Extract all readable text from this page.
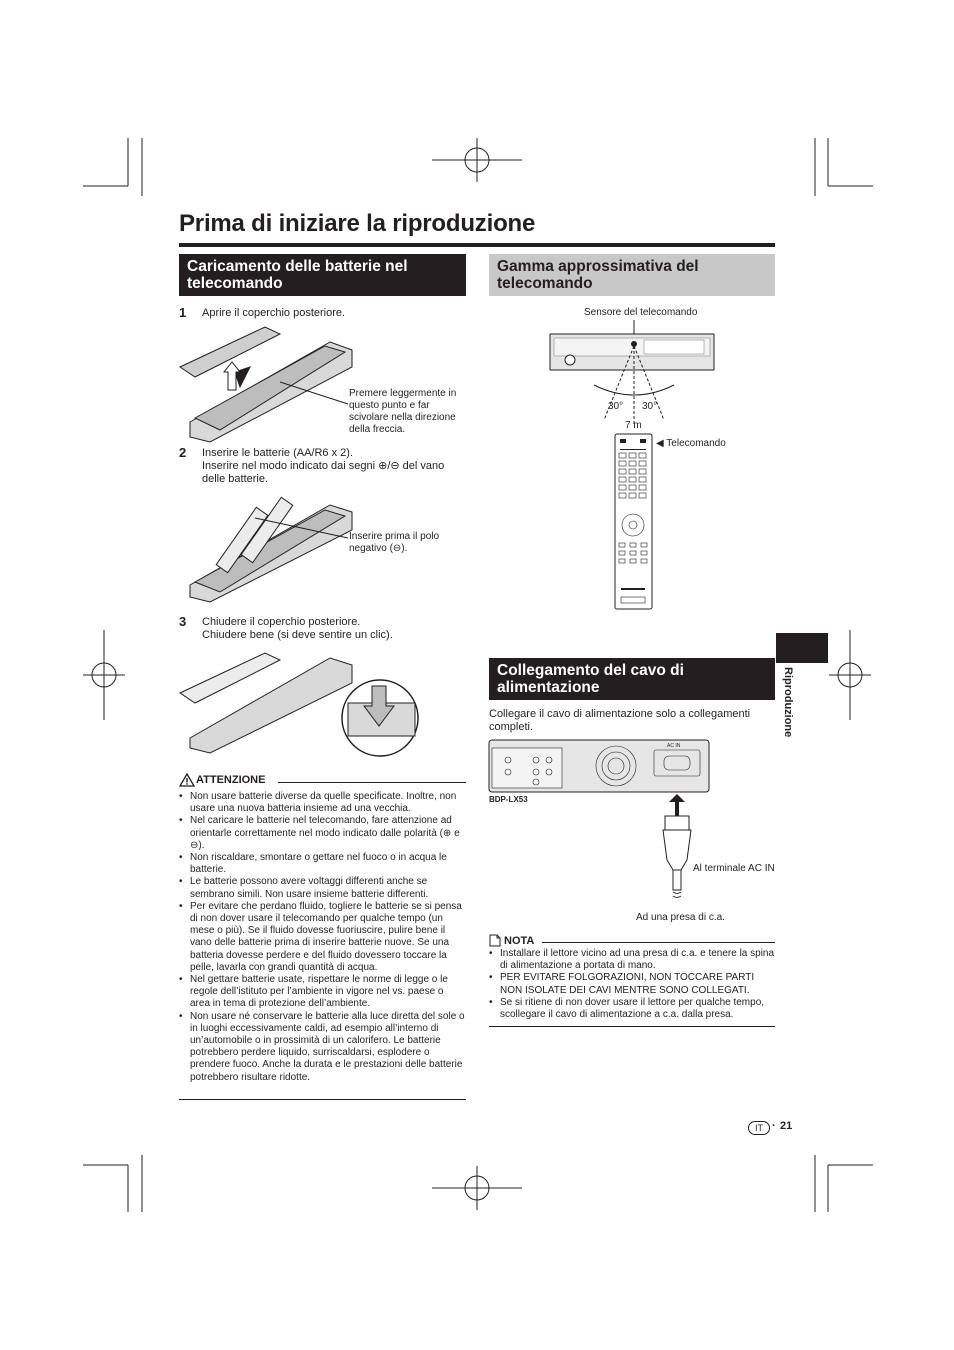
Prima di iniziare la riproduzione
Caricamento delle batterie nel telecomando
1 Aprire il coperchio posteriore.
Premere leggermente in questo punto e far scivolare nella direzione della freccia.
2 Inserire le batterie (AA/R6 x 2).
Inserire nel modo indicato dai segni ⊕/⊖ del vano delle batterie.
Inserire prima il polo negativo (⊖).
3 Chiudere il coperchio posteriore.
Chiudere bene (si deve sentire un clic).
ATTENZIONE
• Non usare batterie diverse da quelle specificate. Inoltre, non usare una nuova batteria insieme ad una vecchia.
• Nel caricare le batterie nel telecomando, fare attenzione ad orientarle correttamente nel modo indicato dalle polarità (⊕ e ⊖).
• Non riscaldare, smontare o gettare nel fuoco o in acqua le batterie.
• Le batterie possono avere voltaggi differenti anche se sembrano simili. Non usare insieme batterie differenti.
• Per evitare che perdano fluido, togliere le batterie se si pensa di non dover usare il telecomando per qualche tempo (un mese o più). Se il fluido dovesse fuoriuscire, pulire bene il vano delle batterie prima di inserire batterie nuove. Se una batteria dovesse perdere e del fluido dovessero toccare la pelle, lavarla con grandi quantità di acqua.
• Nel gettare batterie usate, rispettare le norme di legge o le regole dell’istituto per l’ambiente in vigore nel vs. paese o area in tema di protezione dell’ambiente.
• Non usare né conservare le batterie alla luce diretta del sole o in luoghi eccessivamente caldi, ad esempio all’interno di un’automobile o in prossimità di un calorifero. Le batterie potrebbero perdere liquido, surriscaldarsi, esplodere o prendere fuoco. Anche la durata e le prestazioni delle batterie potrebbero risultare ridotte.
Gamma approssimativa del telecomando
Sensore del telecomando
30° 30°
7 m
◀ Telecomando
Collegamento del cavo di alimentazione
Collegare il cavo di alimentazione solo a collegamenti completi.
AC IN
BDP-LX53
Al terminale AC IN
Ad una presa di c.a.
NOTA
• Installare il lettore vicino ad una presa di c.a. e tenere la spina di alimentazione a portata di mano.
• PER EVITARE FOLGORAZIONI, NON TOCCARE PARTI NON ISOLATE DEI CAVI MENTRE SONO COLLEGATI.
• Se si ritiene di non dover usare il lettore per qualche tempo, scollegare il cavo di alimentazione a c.a. dalla presa.
Riproduzione
IT · 21
